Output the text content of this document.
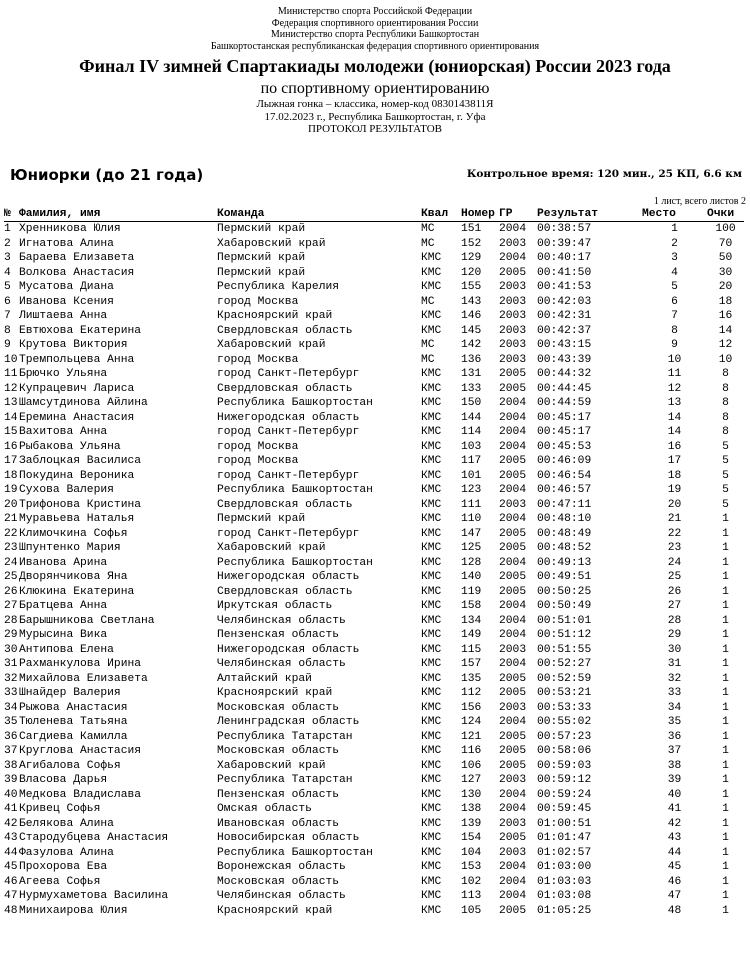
Министерство спорта Российской Федерации
Федерация спортивного ориентирования России
Министерство спорта Республики Башкортостан
Башкортостанская республиканская федерация спортивного ориентирования
Финал IV зимней Спартакиады молодежи (юниорская) России 2023 года
по спортивному ориентированию
Лыжная гонка – классика, номер-код 0830143811Я
17.02.2023 г., Республика Башкортостан, г. Уфа
ПРОТОКОЛ РЕЗУЛЬТАТОВ
Юниорки (до 21 года)	Контрольное время: 120 мин., 25 КП, 6.6 км
1 лист, всего листов 2
№	Фамилия, имя	Команда	Квал	Номер	ГР	Результат	Место	Очки
1	Хренникова Юлия	Пермский край	МС	151	2004	00:38:57	1	100
2	Игнатова Алина	Хабаровский край	МС	152	2003	00:39:47	2	70
3	Бараева Елизавета	Пермский край	КМС	129	2004	00:40:17	3	50
4	Волкова Анастасия	Пермский край	КМС	120	2005	00:41:50	4	30
5	Мусатова Диана	Республика Карелия	КМС	155	2003	00:41:53	5	20
6	Иванова Ксения	город Москва	МС	143	2003	00:42:03	6	18
7	Лиштаева Анна	Красноярский край	КМС	146	2003	00:42:31	7	16
8	Евтюхова Екатерина	Свердловская область	КМС	145	2003	00:42:37	8	14
9	Крутова Виктория	Хабаровский край	МС	142	2003	00:43:15	9	12
10	Тремпольцева Анна	город Москва	МС	136	2003	00:43:39	10	10
11	Брючко Ульяна	город Санкт-Петербург	КМС	131	2005	00:44:32	11	8
12	Купрацевич Лариса	Свердловская область	КМС	133	2005	00:44:45	12	8
13	Шамсутдинова Айлина	Республика Башкортостан	КМС	150	2004	00:44:59	13	8
14	Еремина Анастасия	Нижегородская область	КМС	144	2004	00:45:17	14	8
15	Вахитова Анна	город Санкт-Петербург	КМС	114	2004	00:45:17	14	8
16	Рыбакова Ульяна	город Москва	КМС	103	2004	00:45:53	16	5
17	Заблоцкая Василиса	город Москва	КМС	117	2005	00:46:09	17	5
18	Покудина Вероника	город Санкт-Петербург	КМС	101	2005	00:46:54	18	5
19	Сухова Валерия	Республика Башкортостан	КМС	123	2004	00:46:57	19	5
20	Трифонова Кристина	Свердловская область	КМС	111	2003	00:47:11	20	5
21	Муравьева Наталья	Пермский край	КМС	110	2004	00:48:10	21	1
22	Климочкина Софья	город Санкт-Петербург	КМС	147	2005	00:48:49	22	1
23	Шпунтенко Мария	Хабаровский край	КМС	125	2005	00:48:52	23	1
24	Иванова Арина	Республика Башкортостан	КМС	128	2004	00:49:13	24	1
25	Дворянчикова Яна	Нижегородская область	КМС	140	2005	00:49:51	25	1
26	Клюкина Екатерина	Свердловская область	КМС	119	2005	00:50:25	26	1
27	Братцева Анна	Иркутская область	КМС	158	2004	00:50:49	27	1
28	Барышникова Светлана	Челябинская область	КМС	134	2004	00:51:01	28	1
29	Мурысина Вика	Пензенская область	КМС	149	2004	00:51:12	29	1
30	Антипова Елена	Нижегородская область	КМС	115	2003	00:51:55	30	1
31	Рахманкулова Ирина	Челябинская область	КМС	157	2004	00:52:27	31	1
32	Михайлова Елизавета	Алтайский край	КМС	135	2005	00:52:59	32	1
33	Шнайдер Валерия	Красноярский край	КМС	112	2005	00:53:21	33	1
34	Рыжова Анастасия	Московская область	КМС	156	2003	00:53:33	34	1
35	Тюленева Татьяна	Ленинградская область	КМС	124	2004	00:55:02	35	1
36	Сагдиева Камилла	Республика Татарстан	КМС	121	2005	00:57:23	36	1
37	Круглова Анастасия	Московская область	КМС	116	2005	00:58:06	37	1
38	Агибалова Софья	Хабаровский край	КМС	106	2005	00:59:03	38	1
39	Власова Дарья	Республика Татарстан	КМС	127	2003	00:59:12	39	1
40	Медкова Владислава	Пензенская область	КМС	130	2004	00:59:24	40	1
41	Кривец Софья	Омская область	КМС	138	2004	00:59:45	41	1
42	Белякова Алина	Ивановская область	КМС	139	2003	01:00:51	42	1
43	Стародубцева Анастасия	Новосибирская область	КМС	154	2005	01:01:47	43	1
44	Фазулова Алина	Республика Башкортостан	КМС	104	2003	01:02:57	44	1
45	Прохорова Ева	Воронежская область	КМС	153	2004	01:03:00	45	1
46	Агеева Софья	Московская область	КМС	102	2004	01:03:03	46	1
47	Нурмухаметова Василина	Челябинская область	КМС	113	2004	01:03:08	47	1
48	Минихаирова Юлия	Красноярский край	КМС	105	2005	01:05:25	48	1
